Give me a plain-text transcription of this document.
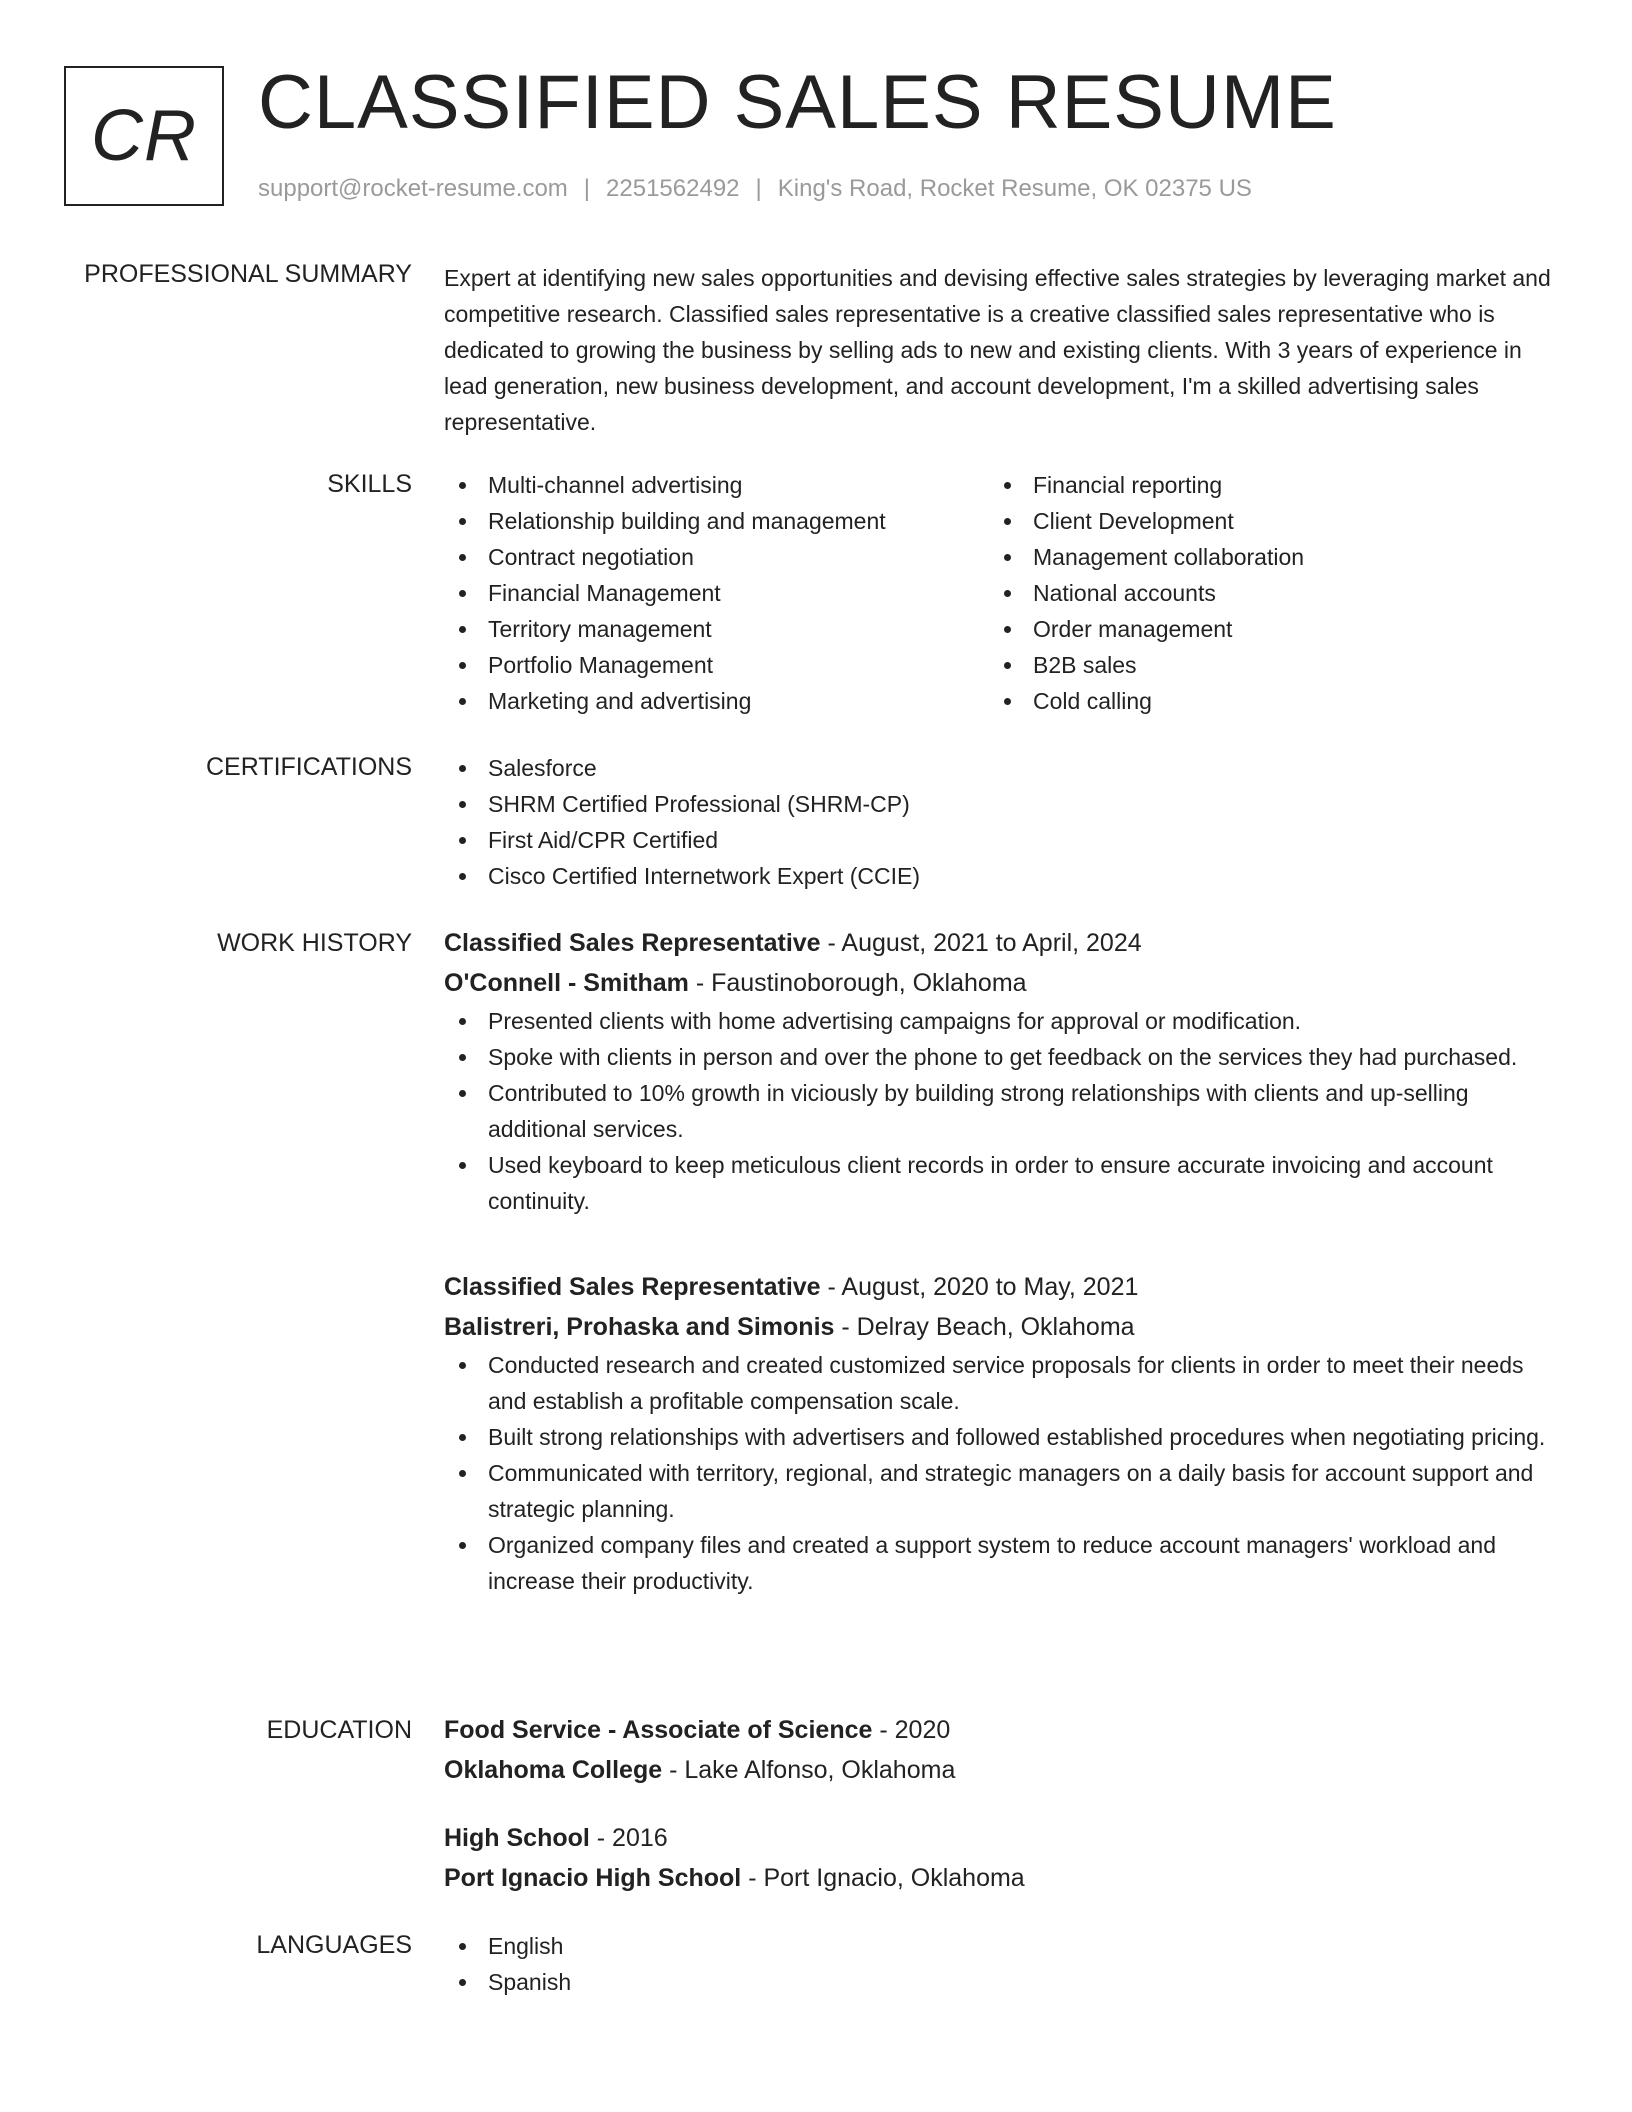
CR CLASSIFIED SALES RESUME
support@rocket-resume.com | 2251562492 | King's Road, Rocket Resume, OK 02375 US
PROFESSIONAL SUMMARY Expert at identifying new sales opportunities and devising effective sales strategies by leveraging market and competitive research. Classified sales representative is a creative classified sales representative who is dedicated to growing the business by selling ads to new and existing clients. With 3 years of experience in lead generation, new business development, and account development, I'm a skilled advertising sales representative.

SKILLS	Multi-channel advertising
Relationship building and management
Contract negotiation
Financial Management
Territory management
Portfolio Management
Marketing and advertising
Financial reporting
Client Development
Management collaboration
National accounts
Order management
B2B sales
Cold calling
CERTIFICATIONS	Salesforce
SHRM Certified Professional (SHRM-CP)
First Aid/CPR Certified
Cisco Certified Internetwork Expert (CCIE)
WORK HISTORY Classified Sales Representative - August, 2021 to April, 2024
O'Connell - Smitham - Faustinoborough, Oklahoma
Presented clients with home advertising campaigns for approval or modification.
Spoke with clients in person and over the phone to get feedback on the services they had purchased.
Contributed to 10% growth in viciously by building strong relationships with clients and up-selling additional services.
Used keyboard to keep meticulous client records in order to ensure accurate invoicing and account continuity.
Classified Sales Representative - August, 2020 to May, 2021
Balistreri, Prohaska and Simonis - Delray Beach, Oklahoma
Conducted research and created customized service proposals for clients in order to meet their needs and establish a profitable compensation scale.
Built strong relationships with advertisers and followed established procedures when negotiating pricing.
Communicated with territory, regional, and strategic managers on a daily basis for account support and strategic planning.
Organized company files and created a support system to reduce account managers' workload and increase their productivity.
EDUCATION Food Service - Associate of Science - 2020
Oklahoma College - Lake Alfonso, Oklahoma
High School - 2016
Port Ignacio High School - Port Ignacio, Oklahoma
LANGUAGES	English
Spanish
